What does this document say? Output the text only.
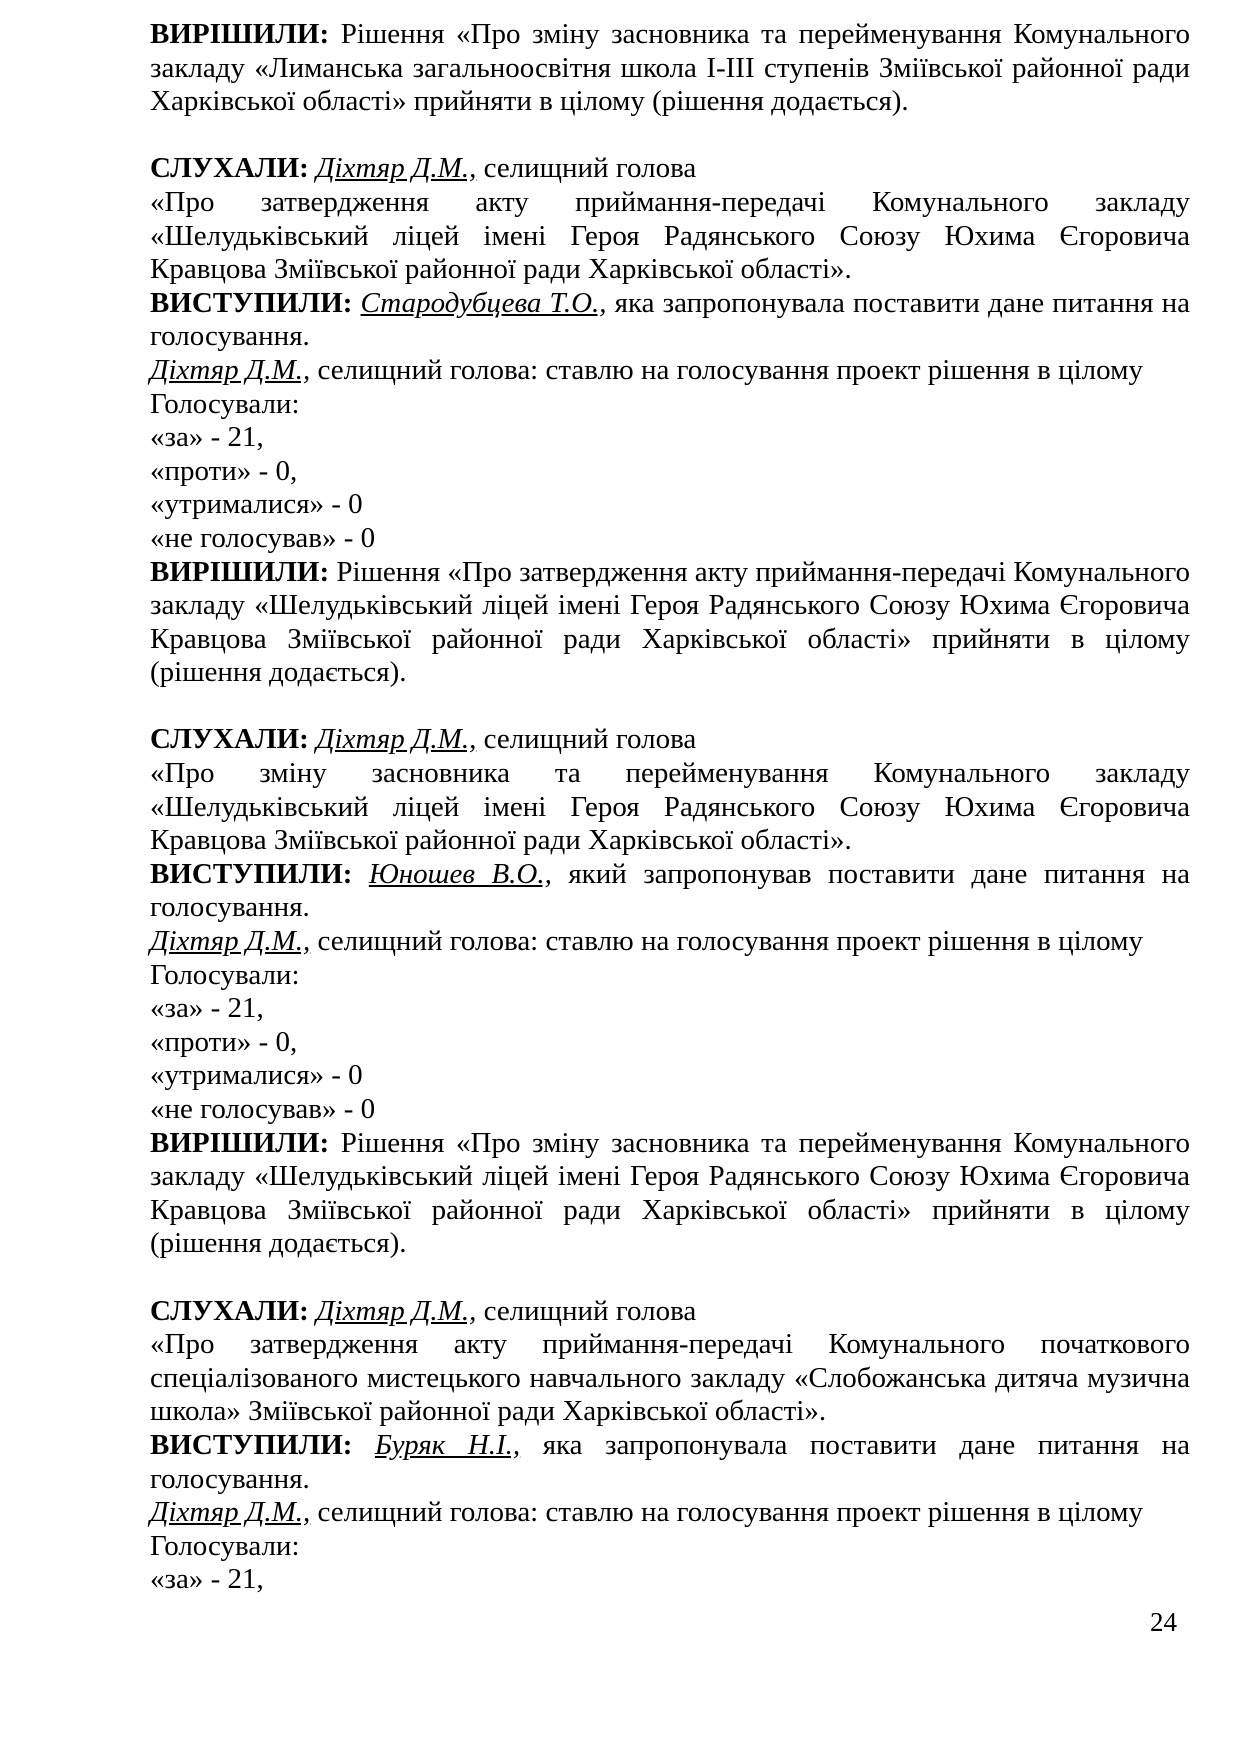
ВИРІШИЛИ: Рішення «Про зміну засновника та перейменування Комунального закладу «Лиманська загальноосвітня школа І-ІІІ ступенів Зміївської районної ради Харківської області» прийняти в цілому (рішення додається).

СЛУХАЛИ: Діхтяр Д.М., селищний голова

«Про затвердження акту приймання-передачі Комунального закладу «Шелудьківський ліцей імені Героя Радянського Союзу Юхима Єгоровича Кравцова Зміївської районної ради Харківської області».

ВИСТУПИЛИ: Стародубцева Т.О., яка запропонувала поставити дане питання на голосування.

Діхтяр Д.М., селищний голова: ставлю на голосування проект рішення в цілому

Голосували:

«за» - 21,

«проти» - 0,

«утрималися» - 0

«не голосував» - 0

ВИРІШИЛИ: Рішення «Про затвердження акту приймання-передачі Комунального закладу «Шелудьківський ліцей імені Героя Радянського Союзу Юхима Єгоровича Кравцова Зміївської районної ради Харківської області» прийняти в цілому (рішення додається).

СЛУХАЛИ: Діхтяр Д.М., селищний голова

«Про зміну засновника та перейменування Комунального закладу «Шелудьківський ліцей імені Героя Радянського Союзу Юхима Єгоровича Кравцова Зміївської районної ради Харківської області».

ВИСТУПИЛИ: Юношев В.О., який запропонував поставити дане питання на голосування.

Діхтяр Д.М., селищний голова: ставлю на голосування проект рішення в цілому

Голосували:

«за» - 21,

«проти» - 0,

«утрималися» - 0

«не голосував» - 0

ВИРІШИЛИ: Рішення «Про зміну засновника та перейменування Комунального закладу «Шелудьківський ліцей імені Героя Радянського Союзу Юхима Єгоровича Кравцова Зміївської районної ради Харківської області» прийняти в цілому (рішення додається).

СЛУХАЛИ: Діхтяр Д.М., селищний голова

«Про затвердження акту приймання-передачі Комунального початкового спеціалізованого мистецького навчального закладу «Слобожанська дитяча музична школа» Зміївської районної ради Харківської області».

ВИСТУПИЛИ: Буряк Н.І., яка запропонувала поставити дане питання на голосування.

Діхтяр Д.М., селищний голова: ставлю на голосування проект рішення в цілому

Голосували:

«за» - 21,

24
